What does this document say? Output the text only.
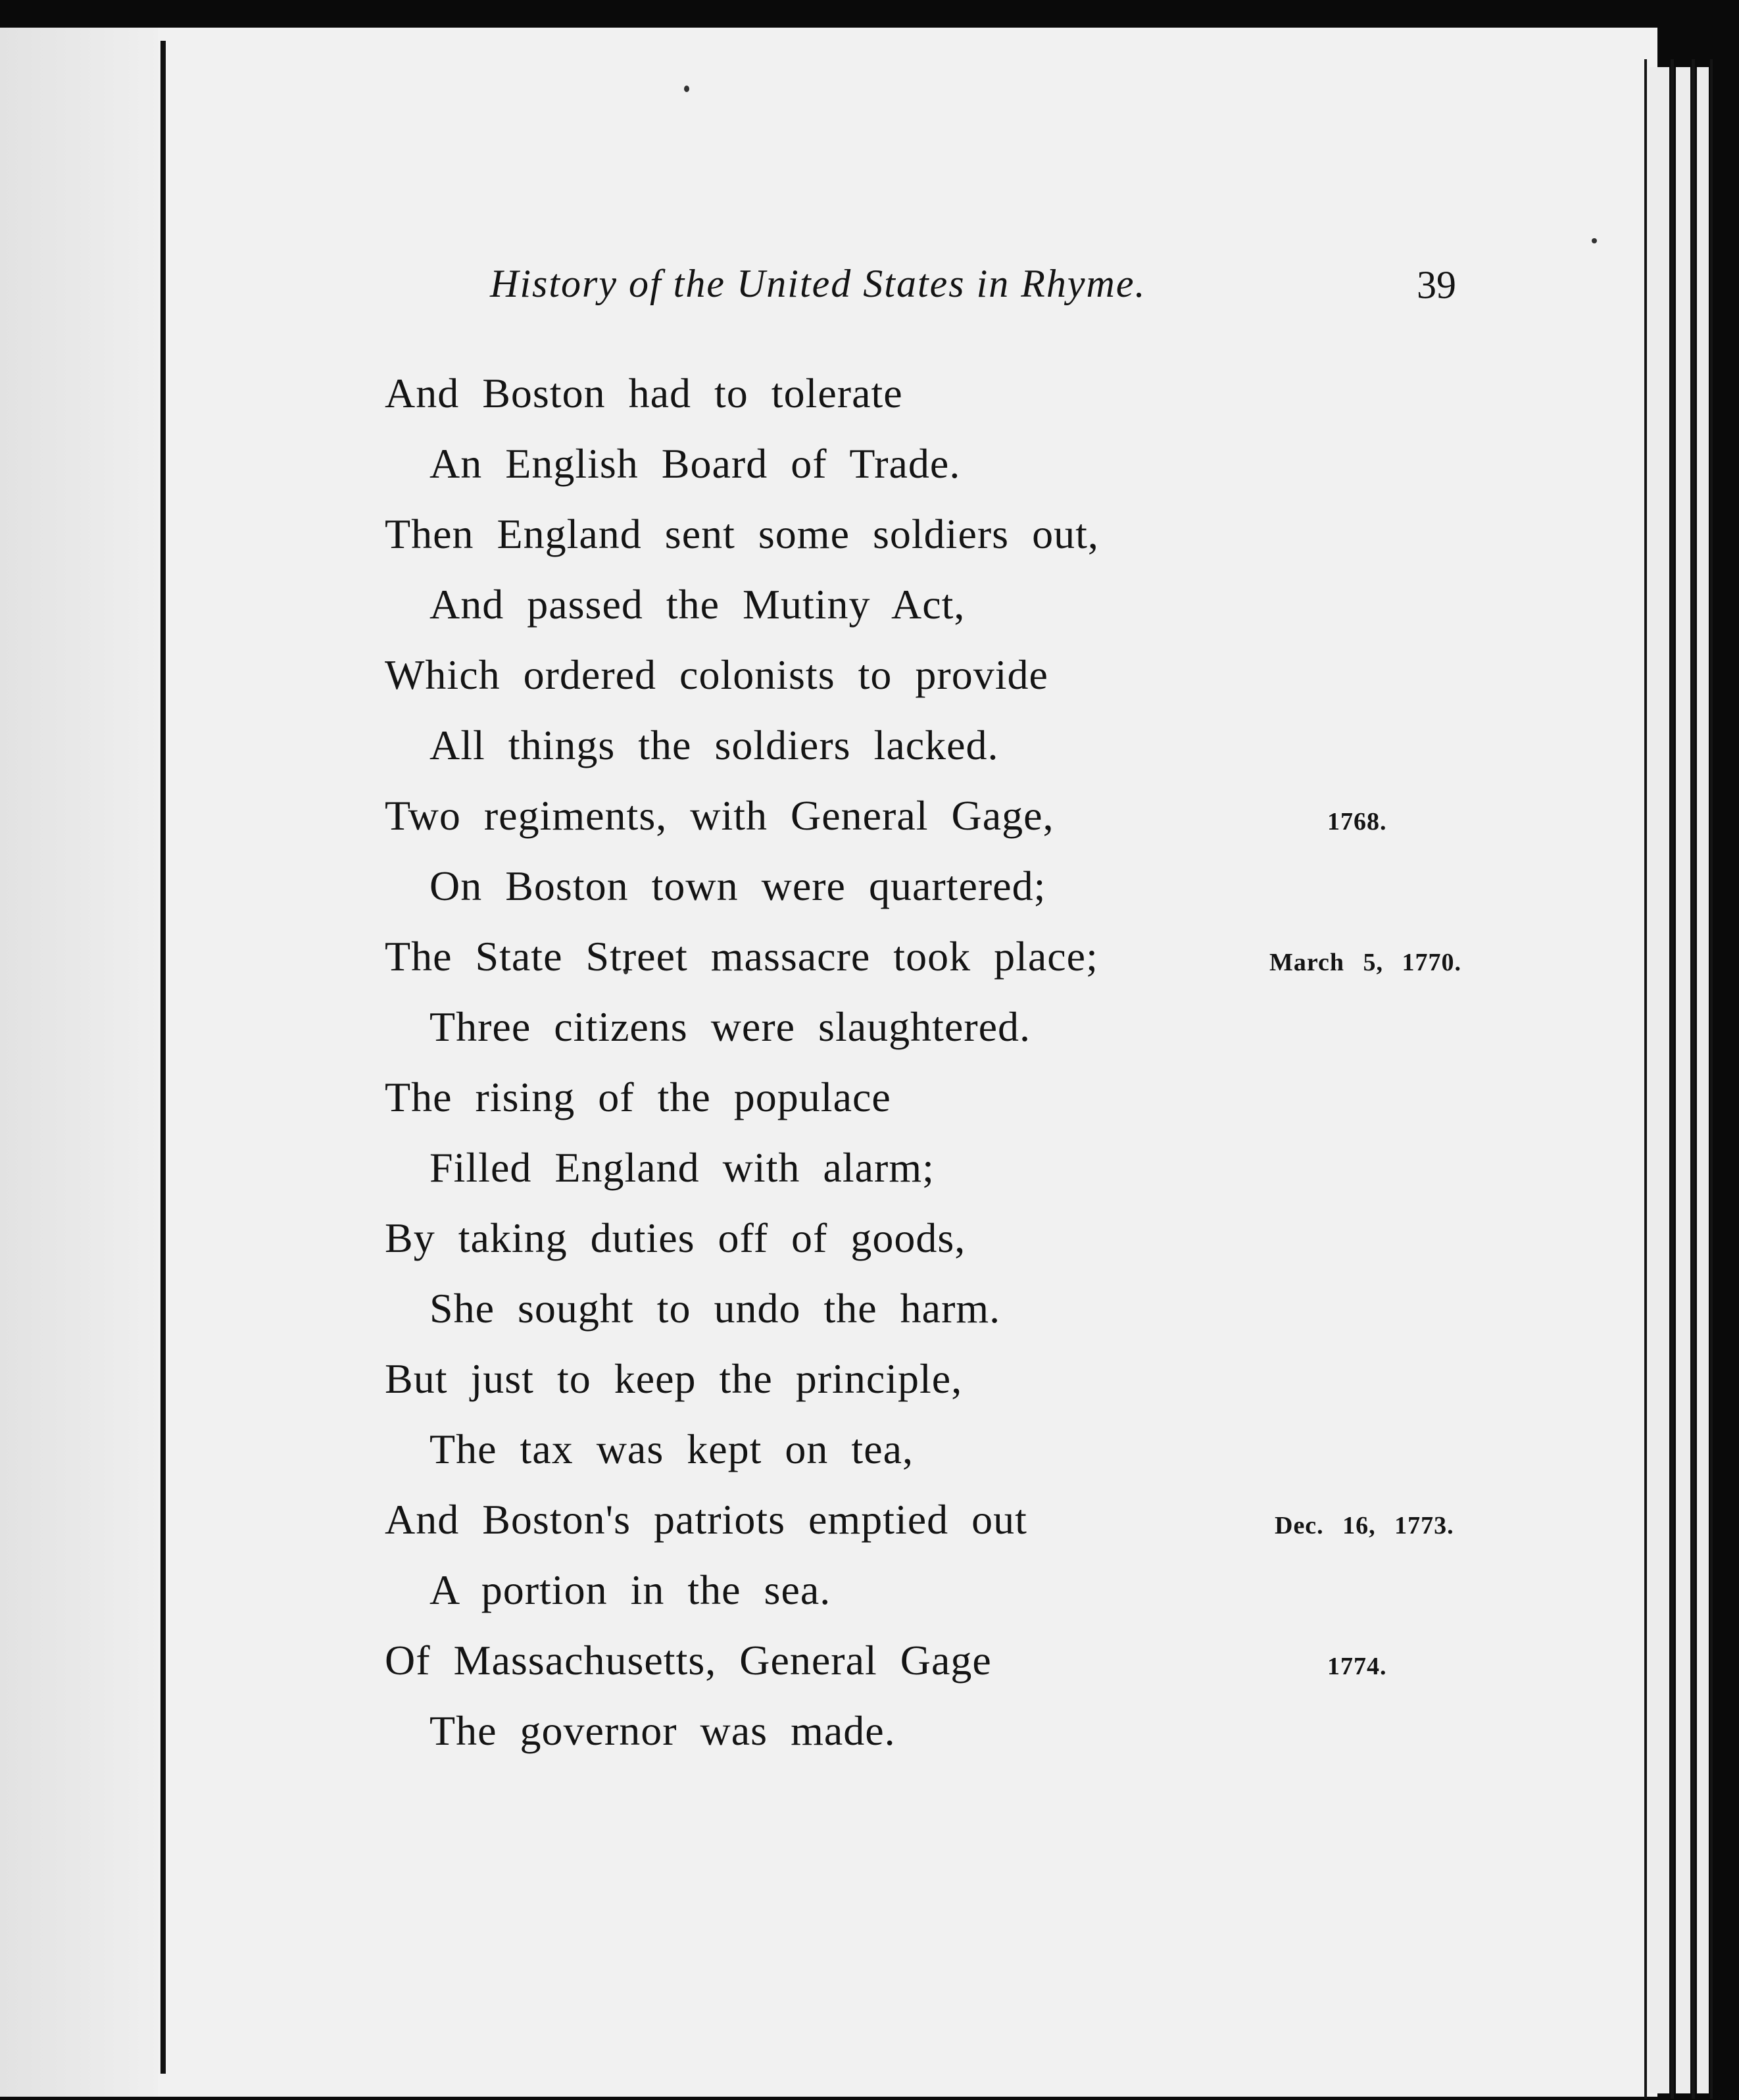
History of the United States in Rhyme.	39
And Boston had to tolerate
An English Board of Trade.
Then England sent some soldiers out,
And passed the Mutiny Act,
Which ordered colonists to provide
All things the soldiers lacked.
Two regiments, with General Gage,	1768.
On Boston town were quartered;
The State Street massacre took place;	March 5, 1770.
Three citizens were slaughtered.
The rising of the populace
Filled England with alarm;
By taking duties off of goods,
She sought to undo the harm.
But just to keep the principle,
The tax was kept on tea,
And Boston's patriots emptied out	Dec. 16, 1773.
A portion in the sea.
Of Massachusetts, General Gage	1774.
The governor was made.
